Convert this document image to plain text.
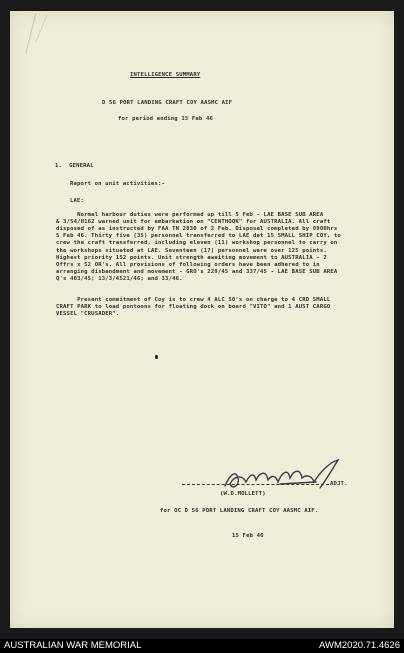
INTELLIGENCE SUMMARY
D 56 PORT LANDING CRAFT COY AASMC AIF
for period ending 15 Feb 46
1.  GENERAL
Report on unit activities:-
LAE:

Normal harbour duties were performed up till 5 Feb - LAE BASE SUB AREA
& 3/54/H162 warned unit for embarkation on "CENTHOOK" for AUSTRALIA. All craft
disposed of as instructed by FAA TN 2830 of 2 Feb. Disposal completed by 0900hrs
5 Feb 46. Thirty five (35) personnel transferred to LAE det 15 SMALL SHIP COY, to
crew the craft transferred, including eleven (11) workshop personnel to carry on
the workshops situated at LAE. Seventeen (17) personnel were over 125 points.
Highest priority 152 points. Unit strength awaiting movement to AUSTRALIA - 2
Offrs x 52 OR's. All provisions of following orders have been adhered to in
arranging disbandment and movement - GRO's 229/45 and 337/45 - LAE BASE SUB AREA
Q's 403/45; 13/3/4521/46; and 33/46.

Present commitment of Coy is to crew 4 ALC 50's on charge to 4 CRD SMALL
CRAFT PARK to load pontoons for floating dock on board "VITO" and 1 AUST CARGO
VESSEL "CRUSADER".

ADJT.
(W.D.MOLLETT)
for OC D 56 PORT LANDING CRAFT COY AASMC AIF.
15 Feb 46
AUSTRALIAN WAR MEMORIAL	AWM2020.71.4626
